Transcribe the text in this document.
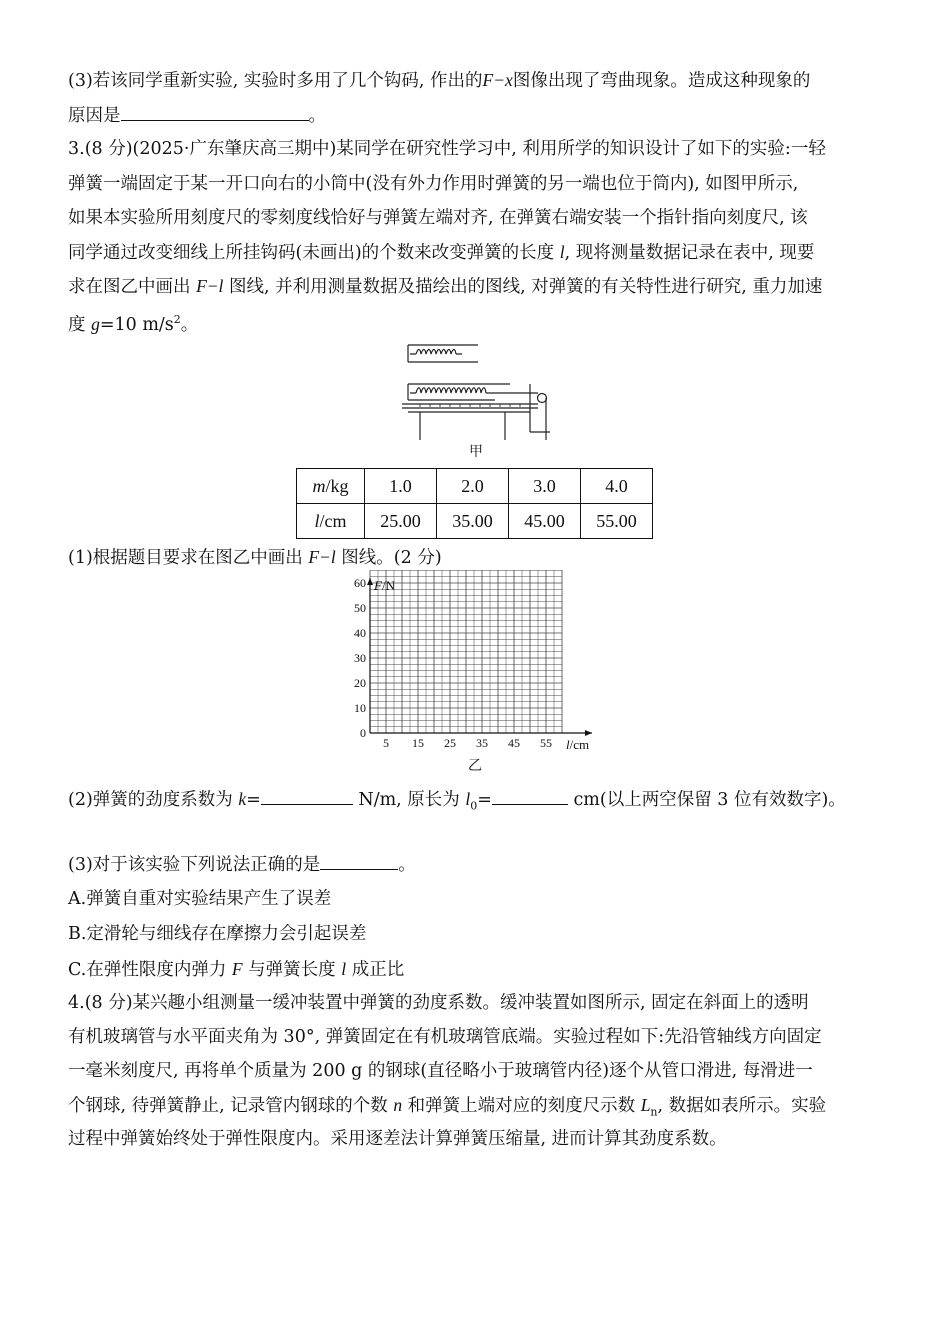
(3)若该同学重新实验, 实验时多用了几个钩码, 作出的F−x图像出现了弯曲现象。造成这种现象的
原因是	。
3.(8 分)(2025·广东肇庆高三期中)某同学在研究性学习中, 利用所学的知识设计了如下的实验:一轻
弹簧一端固定于某一开口向右的小筒中(没有外力作用时弹簧的另一端也位于筒内), 如图甲所示,
如果本实验所用刻度尺的零刻度线恰好与弹簧左端对齐, 在弹簧右端安装一个指针指向刻度尺, 该
同学通过改变细线上所挂钩码(未画出)的个数来改变弹簧的长度 l, 现将测量数据记录在表中, 现要
求在图乙中画出 F−l 图线, 并利用测量数据及描绘出的图线, 对弹簧的有关特性进行研究, 重力加速
度 g=10 $m/s^2$。
甲
m/kg	1.0	2.0	3.0	4.0
l/cm	25.00	35.00	45.00	55.00
(1)根据题目要求在图乙中画出 F−l 图线。(2 分)
0
10
20
30
40
50
60
5 15 25 35 45 55
F/N
l/cm
乙
(2)弹簧的劲度系数为 k=	N/m, 原长为 $l_0=$	cm(以上两空保留 3 位有效数字)。
(3)对于该实验下列说法正确的是	。
A.弹簧自重对实验结果产生了误差
B.定滑轮与细线存在摩擦力会引起误差
C.在弹性限度内弹力 F 与弹簧长度 l 成正比
4.(8 分)某兴趣小组测量一缓冲装置中弹簧的劲度系数。缓冲装置如图所示, 固定在斜面上的透明
有机玻璃管与水平面夹角为 30°, 弹簧固定在有机玻璃管底端。实验过程如下:先沿管轴线方向固定
一毫米刻度尺, 再将单个质量为 200 g 的钢球(直径略小于玻璃管内径)逐个从管口滑进, 每滑进一
个钢球, 待弹簧静止, 记录管内钢球的个数 n 和弹簧上端对应的刻度尺示数 $L_n$, 数据如表所示。实验
过程中弹簧始终处于弹性限度内。采用逐差法计算弹簧压缩量, 进而计算其劲度系数。
